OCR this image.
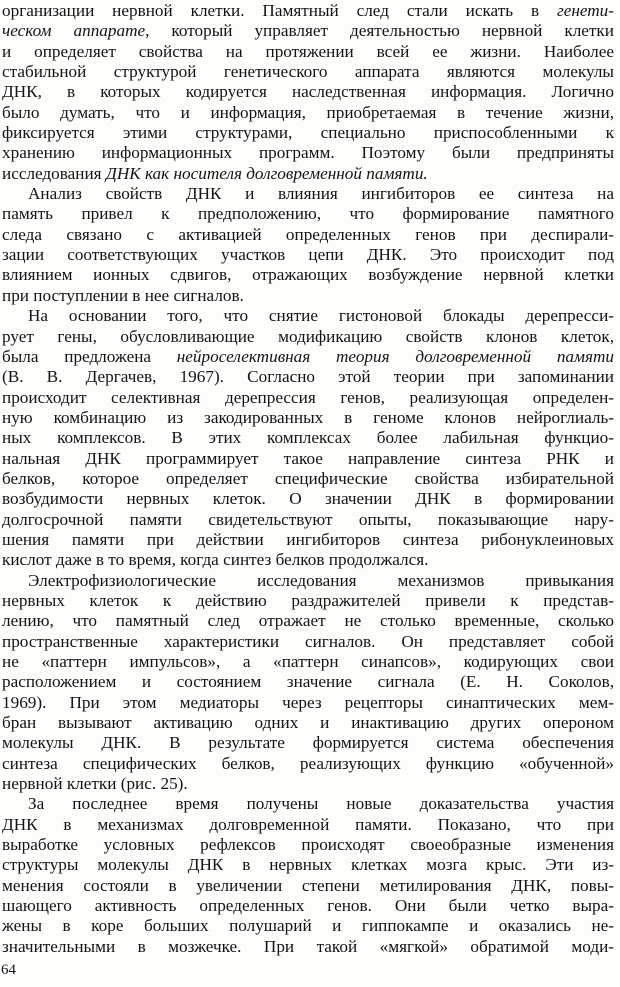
организации нервной клетки. Памятный след стали искать в генети-
ческом аппарате, который управляет деятельностью нервной клетки
и определяет свойства на протяжении всей ее жизни. Наиболее
стабильной структурой генетического аппарата являются молекулы
ДНК, в которых кодируется наследственная информация. Логично
было думать, что и информация, приобретаемая в течение жизни,
фиксируется этими структурами, специально приспособленными к
хранению информационных программ. Поэтому были предприняты
исследования ДНК как носителя долговременной памяти.
Анализ свойств ДНК и влияния ингибиторов ее синтеза на
память привел к предположению, что формирование памятного
следа связано с активацией определенных генов при деспирали-
зации соответствующих участков цепи ДНК. Это происходит под
влиянием ионных сдвигов, отражающих возбуждение нервной клетки
при поступлении в нее сигналов.
На основании того, что снятие гистоновой блокады дерепресси-
рует гены, обусловливающие модификацию свойств клонов клеток,
была предложена нейроселективная теория долговременной памяти
(В. В. Дергачев, 1967). Согласно этой теории при запоминании
происходит селективная дерепрессия генов, реализующая определен-
ную комбинацию из закодированных в геноме клонов нейроглиаль-
ных комплексов. В этих комплексах более лабильная функцио-
нальная ДНК программирует такое направление синтеза РНК и
белков, которое определяет специфические свойства избирательной
возбудимости нервных клеток. О значении ДНК в формировании
долгосрочной памяти свидетельствуют опыты, показывающие нару-
шения памяти при действии ингибиторов синтеза рибонуклеиновых
кислот даже в то время, когда синтез белков продолжался.
Электрофизиологические исследования механизмов привыкания
нервных клеток к действию раздражителей привели к представ-
лению, что памятный след отражает не столько временные, сколько
пространственные характеристики сигналов. Он представляет собой
не «паттерн импульсов», а «паттерн синапсов», кодирующих свои
расположением и состоянием значение сигнала (Е. Н. Соколов,
1969). При этом медиаторы через рецепторы синаптических мем-
бран вызывают активацию одних и инактивацию других опероном
молекулы ДНК. В результате формируется система обеспечения
синтеза специфических белков, реализующих функцию «обученной»
нервной клетки (рис. 25).
За последнее время получены новые доказательства участия
ДНК в механизмах долговременной памяти. Показано, что при
выработке условных рефлексов происходят своеобразные изменения
структуры молекулы ДНК в нервных клетках мозга крыс. Эти из-
менения состояли в увеличении степени метилирования ДНК, повы-
шающего активность определенных генов. Они были четко выра-
жены в коре больших полушарий и гиппокампе и оказались не-
значительными в мозжечке. При такой «мягкой» обратимой моди-
64
